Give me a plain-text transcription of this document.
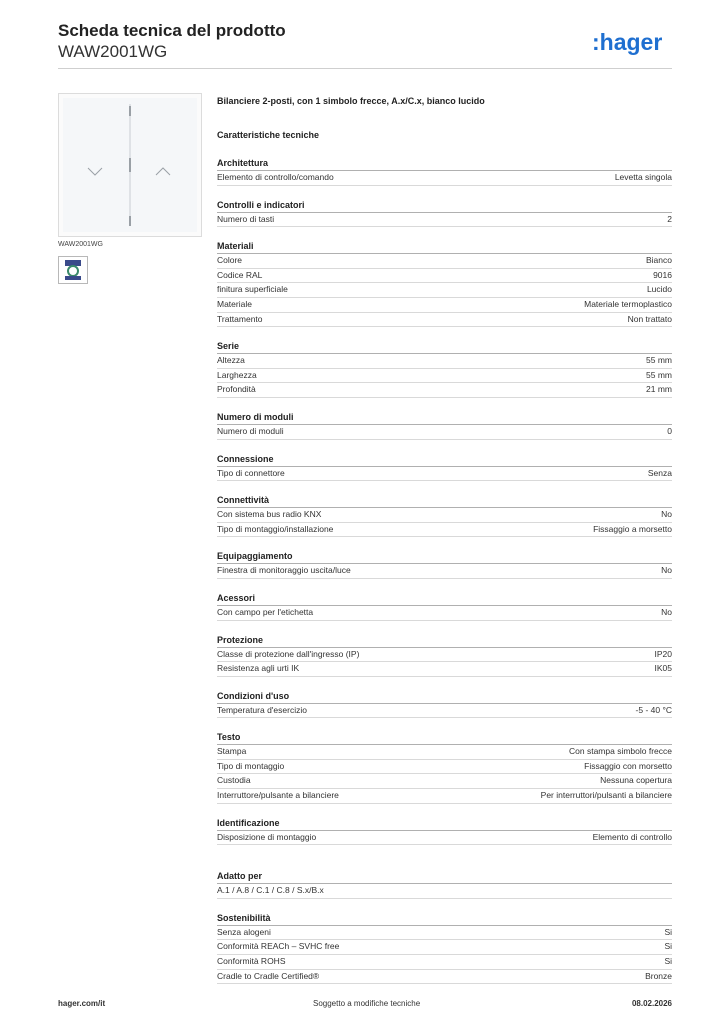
Scheda tecnica del prodotto
WAW2001WG	:hager
WAW2001WG
Bilanciere 2-posti, con 1 simbolo frecce, A.x/C.x, bianco lucido
Caratteristiche tecniche
Architettura
Elemento di controllo/comando	Levetta singola
Controlli e indicatori
Numero di tasti	2
Materiali
Colore	Bianco
Codice RAL	9016
finitura superficiale	Lucido
Materiale	Materiale termoplastico
Trattamento	Non trattato
Serie
Altezza	55 mm
Larghezza	55 mm
Profondità	21 mm
Numero di moduli
Numero di moduli	0
Connessione
Tipo di connettore	Senza
Connettività
Con sistema bus radio KNX	No
Tipo di montaggio/installazione	Fissaggio a morsetto
Equipaggiamento
Finestra di monitoraggio uscita/luce	No
Acessori
Con campo per l'etichetta	No
Protezione
Classe di protezione dall'ingresso (IP)	IP20
Resistenza agli urti IK	IK05
Condizioni d'uso
Temperatura d'esercizio	-5 - 40 °C
Testo
Stampa	Con stampa simbolo frecce
Tipo di montaggio	Fissaggio con morsetto
Custodia	Nessuna copertura
Interruttore/pulsante a bilanciere	Per interruttori/pulsanti a bilanciere
Identificazione
Disposizione di montaggio	Elemento di controllo
Adatto per
A.1 / A.8 / C.1 / C.8 / S.x/B.x
Sostenibilità
Senza alogeni	Si
Conformità REACh – SVHC free	Si
Conformità ROHS	Si
Cradle to Cradle Certified®	Bronze
hager.com/it	Soggetto a modifiche tecniche	08.02.2026
